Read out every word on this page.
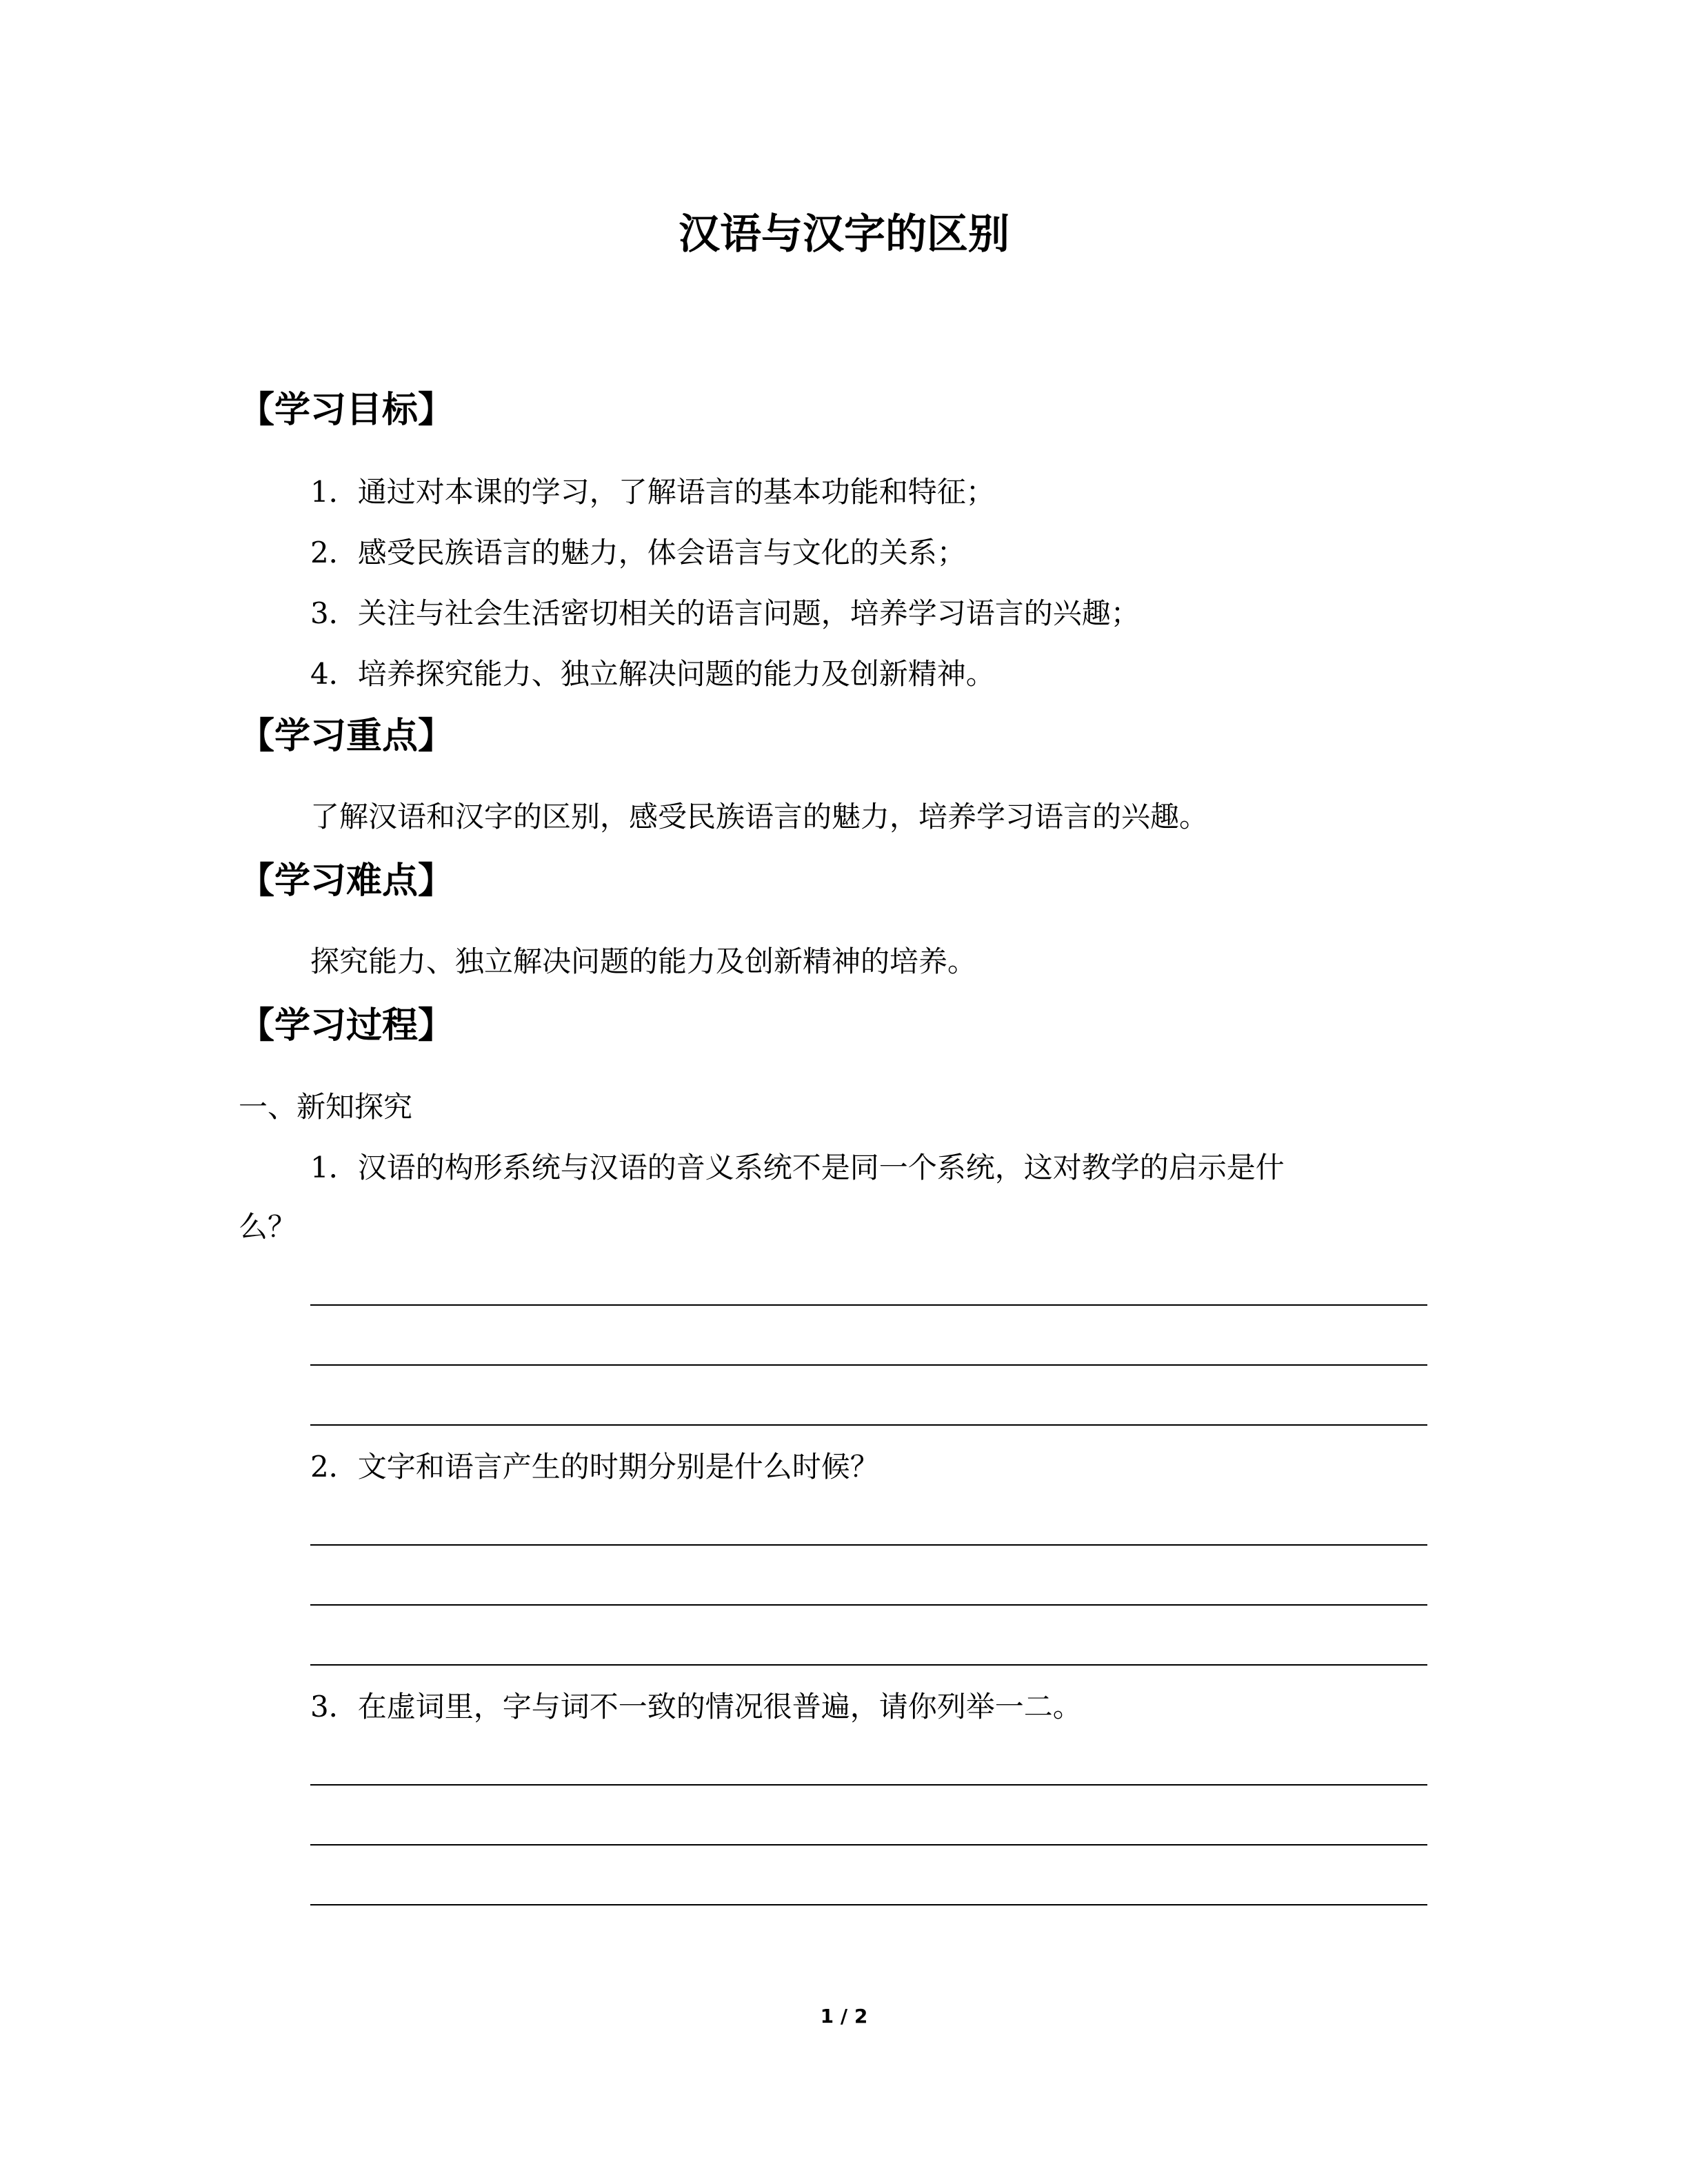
汉语与汉字的区别
【学习目标】
1．通过对本课的学习，了解语言的基本功能和特征；
2．感受民族语言的魅力，体会语言与文化的关系；
3．关注与社会生活密切相关的语言问题，培养学习语言的兴趣；
4．培养探究能力、独立解决问题的能力及创新精神。
【学习重点】
了解汉语和汉字的区别，感受民族语言的魅力，培养学习语言的兴趣。
【学习难点】
探究能力、独立解决问题的能力及创新精神的培养。
【学习过程】
一、新知探究
1．汉语的构形系统与汉语的音义系统不是同一个系统，这对教学的启示是什
么？
2．文字和语言产生的时期分别是什么时候？
3．在虚词里，字与词不一致的情况很普遍，请你列举一二。
1 / 2
